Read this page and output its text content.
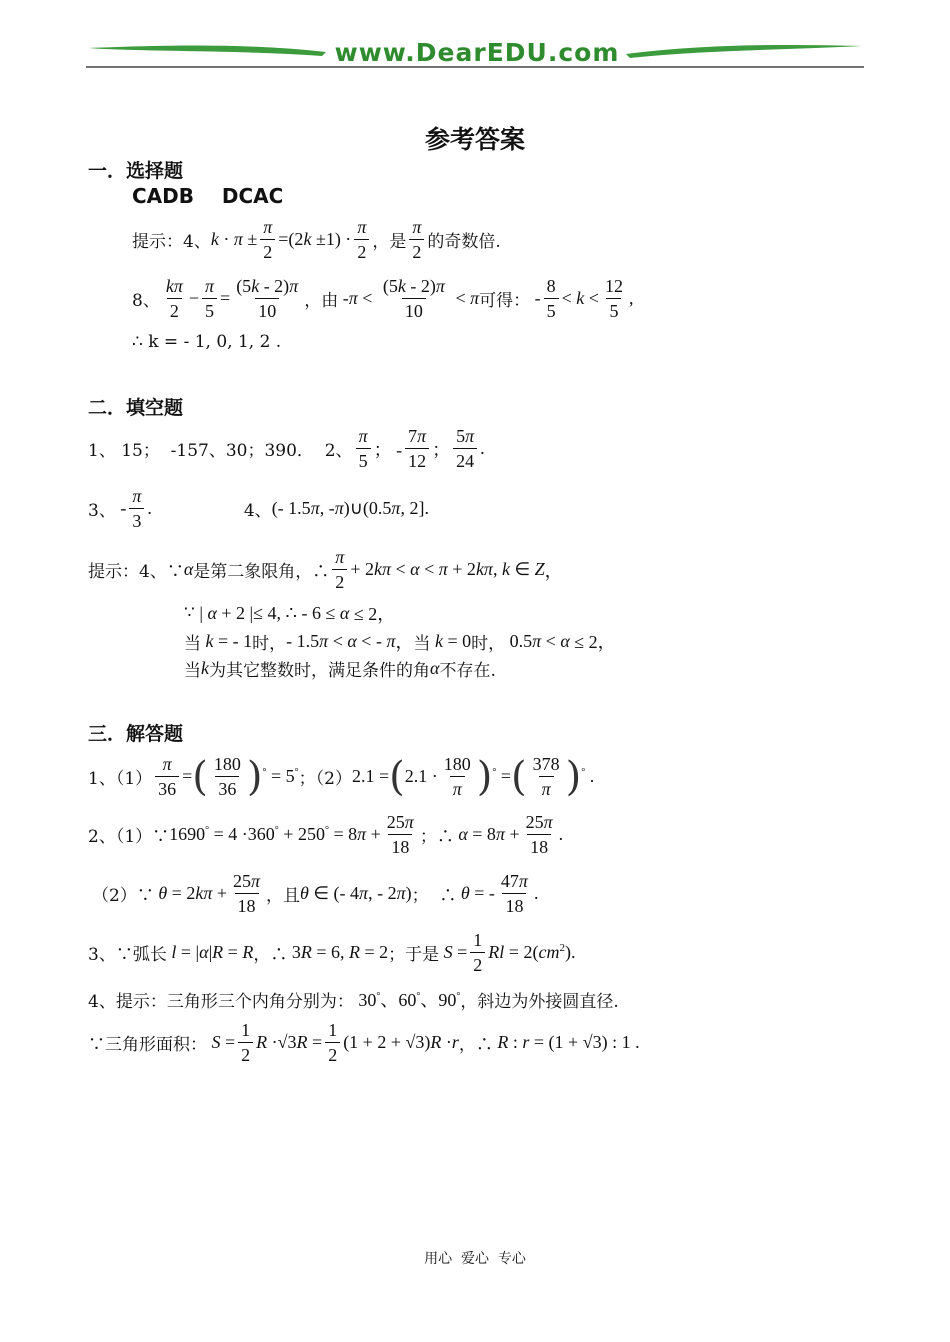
www.DearEDU.com
参考答案
一．选择题
CADB    DCAC
提示：4、 $k \cdot \pi \pm \frac{\pi}{2} =(2$ $k \pm 1) \cdot \frac{\pi}{2}$ ，是 $\frac{\pi}{2}$ 的奇数倍.
8、 $\frac{k\pi}{2} - \frac{\pi}{5} = \frac{(5k - 2)\pi}{10}$ ，由 - $\pi < \frac{(5k - 2)\pi}{10} < \pi$ 可得： - $\frac{8}{5} < k < \frac{12}{5}$ ,
∴ k = - 1, 0, 1, 2 .
二．填空题
1、 15；  -157、30；390．  2、 $\frac{\pi}{5}$ ； - $\frac{7\pi}{12}$ ； $\frac{5\pi}{24}$ .
3、 - $\frac{\pi}{3}$ .	4、 (- 1.5 π , - π )∪(0.5 π , 2].
提示：4、∵ α 是第二象限角，∴ $\frac{\pi}{2} + 2$ kπ < α < π + 2 kπ , k ∈ Z ，
∵ | α + 2 |≤ 4, ∴ - 6 ≤ α ≤ 2，
当 k = - 1 时， - 1.5 π < α < - π ， 当 k = 0 时， 0.5 π < α ≤ 2，
当 k 为其它整数时，满足条件的角 α 不存在.
三．解答题
1、$(1) \frac{\pi}{36}$ = ( $\frac{180}{36}$ ) ° = 5° ；（2） 2.1 = ( $2.1 \cdot \frac{180}{\pi}$ ) ° = ( $\frac{378}{\pi}$ ) ° .
2、（1）∵ 1690° = 4 ·360° + 250° = 8 $\pi + \frac{25\pi}{18}$ ；∴ α = 8 $\pi + \frac{25\pi}{18}$ .
（2）∵ θ = 2 $k\pi + \frac{25\pi}{18}$ ，且 θ ∈ (- 4 π , - 2 π ) ；  ∴ θ = - $\frac{47\pi}{18}$ .
3、∵弧长 l = | α | R = R ，∴ 3 R = 6, R = 2 ；于是 $S = \frac{1}{2}$ Rl = 2( cm $^2$).
4、提示：三角形三个内角分别为： 30°、60°、90° ，斜边为外接圆直径.
∵三角形面积： $S = \frac{1}{2}$ R ·√3 $R = \frac{1}{2} (1 + 2 + √3) R \cdot r$ ，∴ R : r = (1 + √3) : 1 .
用心  爱心  专心
